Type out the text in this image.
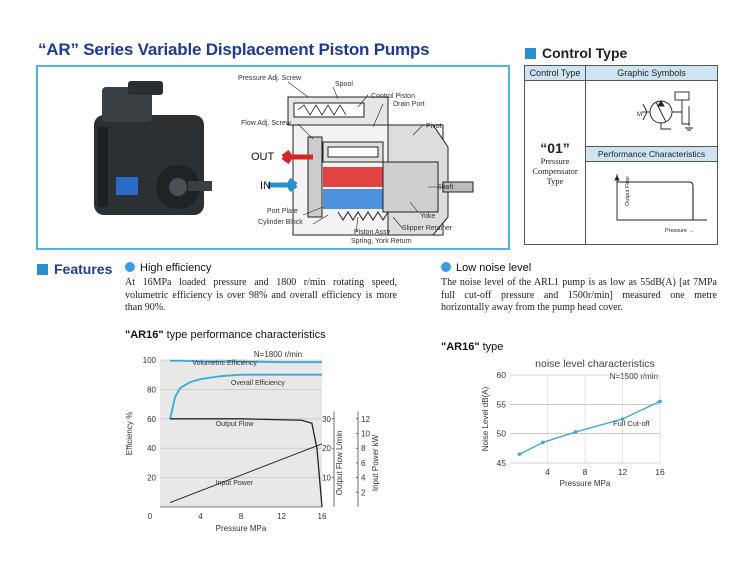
“AR” Series Variable Displacement Piston Pumps
Pressure Adj. Screw
Spool
Control Piston
Drain Port
Flow Adj. Screw	Pivot
OUT
IN	Shaft
Port Plate
Cylinder Block
Yoke
Slipper Retainer
Piston Assy
Spring, York Return
Control Type
Control Type	Graphic Symbols
“01”
Pressure
Compensator
Type
M
Performance Characteristics
Output Flow
Pressure →
Features	High efficiency
At 16MPa loaded pressure and 1800 r/min rotating speed, volumetric efficiency is over 98% and overall efficiency is more than 90%.
Low noise level
The noise level of the ARL1 pump is as low as 55dB(A) [at 7MPa full cut-off pressure and 1500r/min] measured one metre horizontally away from the pump head cover.
"AR16" type performance characteristics
20
40
60
80
100
0	4	8	12	16
Pressure MPa
Efficiency %
N=1800 r/min
Volumetric Efficiency
Overall Efficiency
Output Flow
Input Power
10
20
30
Output Flow L/min 2
4
6
8
10
12
Input Power kW
"AR16" type
noise level characteristics
N=1500 r/min
45
50
55
60
4	8	12	16
Pressure MPa
Noise Level dB(A)	Full Cut-off
